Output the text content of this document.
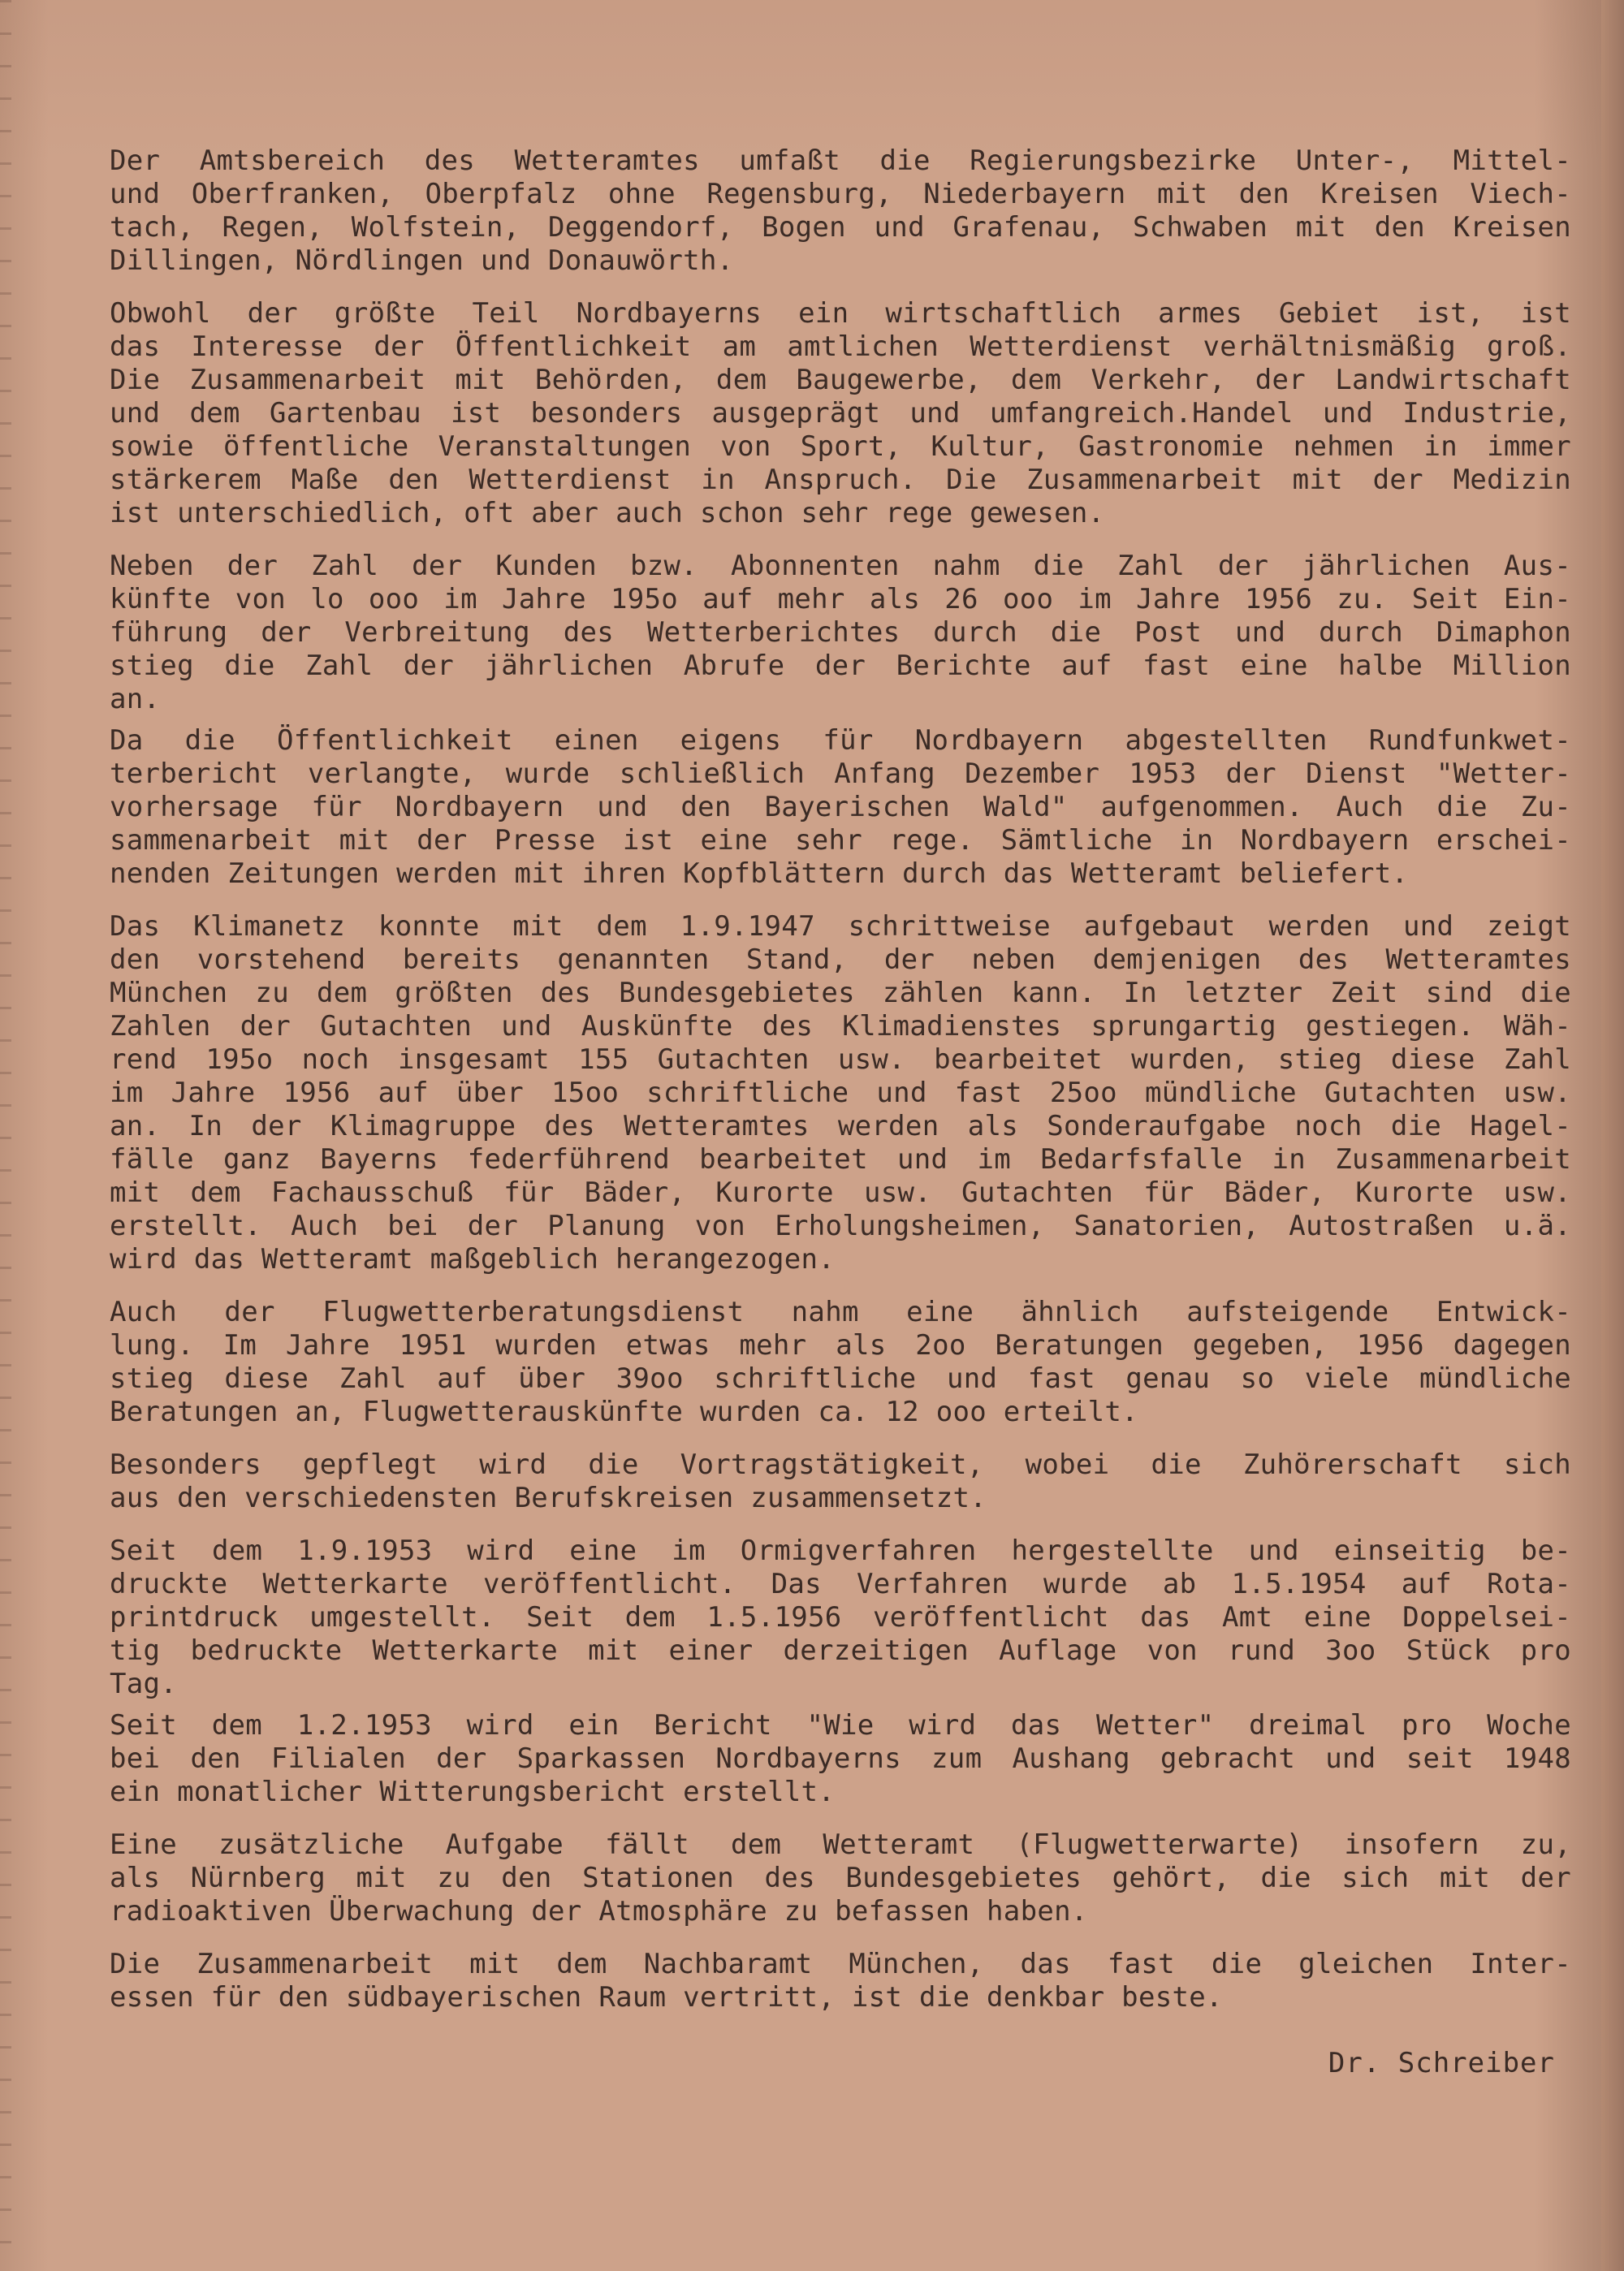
Der Amtsbereich des Wetteramtes umfaßt die Regierungsbezirke Unter-, Mittel-
und Oberfranken, Oberpfalz ohne Regensburg, Niederbayern mit den Kreisen Viech-
tach, Regen, Wolfstein, Deggendorf, Bogen und Grafenau, Schwaben mit den Kreisen
Dillingen, Nördlingen und Donauwörth.

Obwohl der größte Teil Nordbayerns ein wirtschaftlich armes Gebiet ist, ist
das Interesse der Öffentlichkeit am amtlichen Wetterdienst verhältnismäßig groß.
Die Zusammenarbeit mit Behörden, dem Baugewerbe, dem Verkehr, der Landwirtschaft
und dem Gartenbau ist besonders ausgeprägt und umfangreich.Handel und Industrie,
sowie öffentliche Veranstaltungen von Sport, Kultur, Gastronomie nehmen in immer
stärkerem Maße den Wetterdienst in Anspruch. Die Zusammenarbeit mit der Medizin
ist unterschiedlich, oft aber auch schon sehr rege gewesen.

Neben der Zahl der Kunden bzw. Abonnenten nahm die Zahl der jährlichen Aus-
künfte von lo ooo im Jahre 195o auf mehr als 26 ooo im Jahre 1956 zu. Seit Ein-
führung der Verbreitung des Wetterberichtes durch die Post und durch Dimaphon
stieg die Zahl der jährlichen Abrufe der Berichte auf fast eine halbe Million
an.

Da die Öffentlichkeit einen eigens für Nordbayern abgestellten Rundfunkwet-
terbericht verlangte, wurde schließlich Anfang Dezember 1953 der Dienst "Wetter-
vorhersage für Nordbayern und den Bayerischen Wald" aufgenommen. Auch die Zu-
sammenarbeit mit der Presse ist eine sehr rege. Sämtliche in Nordbayern erschei-
nenden Zeitungen werden mit ihren Kopfblättern durch das Wetteramt beliefert.

Das Klimanetz konnte mit dem 1.9.1947 schrittweise aufgebaut werden und zeigt
den vorstehend bereits genannten Stand, der neben demjenigen des Wetteramtes
München zu dem größten des Bundesgebietes zählen kann. In letzter Zeit sind die
Zahlen der Gutachten und Auskünfte des Klimadienstes sprungartig gestiegen. Wäh-
rend 195o noch insgesamt 155 Gutachten usw. bearbeitet wurden, stieg diese Zahl
im Jahre 1956 auf über 15oo schriftliche und fast 25oo mündliche Gutachten usw.
an. In der Klimagruppe des Wetteramtes werden als Sonderaufgabe noch die Hagel-
fälle ganz Bayerns federführend bearbeitet und im Bedarfsfalle in Zusammenarbeit
mit dem Fachausschuß für Bäder, Kurorte usw. Gutachten für Bäder, Kurorte usw.
erstellt. Auch bei der Planung von Erholungsheimen, Sanatorien, Autostraßen u.ä.
wird das Wetteramt maßgeblich herangezogen.

Auch der Flugwetterberatungsdienst nahm eine ähnlich aufsteigende Entwick-
lung. Im Jahre 1951 wurden etwas mehr als 2oo Beratungen gegeben, 1956 dagegen
stieg diese Zahl auf über 39oo schriftliche und fast genau so viele mündliche
Beratungen an, Flugwetterauskünfte wurden ca. 12 ooo erteilt.

Besonders gepflegt wird die Vortragstätigkeit, wobei die Zuhörerschaft sich
aus den verschiedensten Berufskreisen zusammensetzt.

Seit dem 1.9.1953 wird eine im Ormigverfahren hergestellte und einseitig be-
druckte Wetterkarte veröffentlicht. Das Verfahren wurde ab 1.5.1954 auf Rota-
printdruck umgestellt. Seit dem 1.5.1956 veröffentlicht das Amt eine Doppelsei-
tig bedruckte Wetterkarte mit einer derzeitigen Auflage von rund 3oo Stück pro
Tag.

Seit dem 1.2.1953 wird ein Bericht "Wie wird das Wetter" dreimal pro Woche
bei den Filialen der Sparkassen Nordbayerns zum Aushang gebracht und seit 1948
ein monatlicher Witterungsbericht erstellt.

Eine zusätzliche Aufgabe fällt dem Wetteramt (Flugwetterwarte) insofern zu,
als Nürnberg mit zu den Stationen des Bundesgebietes gehört, die sich mit der
radioaktiven Überwachung der Atmosphäre zu befassen haben.

Die Zusammenarbeit mit dem Nachbaramt München, das fast die gleichen Inter-
essen für den südbayerischen Raum vertritt, ist die denkbar beste.

Dr. Schreiber
